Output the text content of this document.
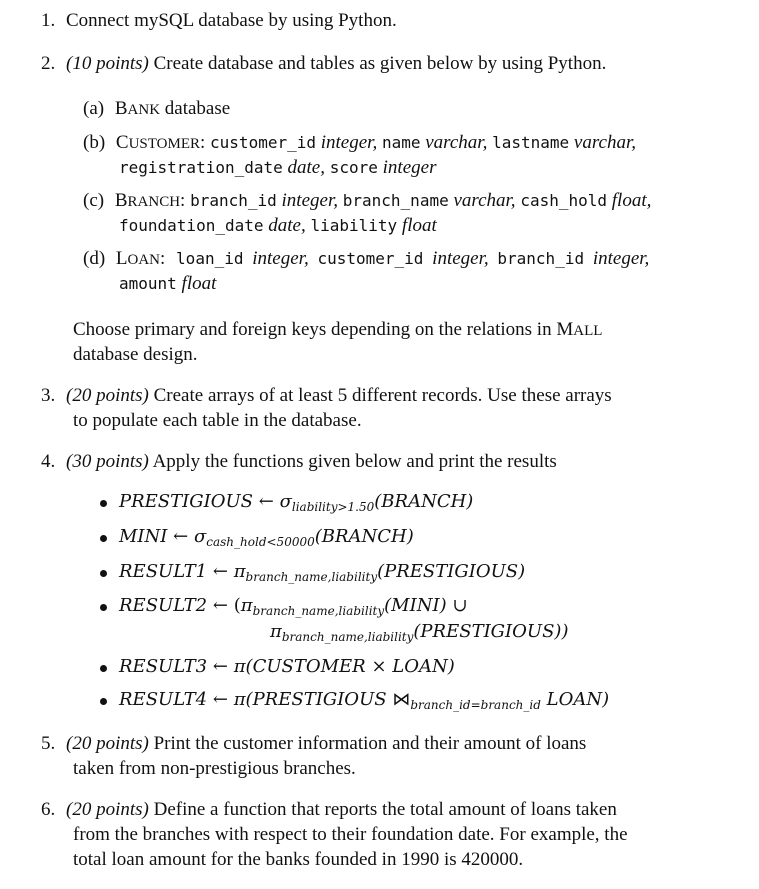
1. Connect mySQL database by using Python.
2. (10 points) Create database and tables as given below by using Python.
(a) BANK database
(b) CUSTOMER: customer_id integer, name varchar, lastname varchar,
registration_date date, score integer
(c) BRANCH: branch_id integer, branch_name varchar, cash_hold float,
foundation_date date, liability float
(d) LOAN: loan_id integer, customer_id integer, branch_id integer,
amount float
Choose primary and foreign keys depending on the relations in MALL
database design.
3. (20 points) Create arrays of at least 5 different records. Use these arrays
to populate each table in the database.
4. (30 points) Apply the functions given below and print the results
PRESTIGIOUS ← $\sigma_{liability>1.50}(BRANCH)$
MINI ← $\sigma_{cash\_hold<50000}(BRANCH)$
RESULT1 ← $\pi_{branch\_name,liability}(PRESTIGIOUS)$
RESULT2 ← ($\pi_{branch\_name,liability}(MINI)$ ∪
$\pi_{branch\_name,liability}(PRESTIGIOUS)$)
RESULT3 ← π(CUSTOMER × LOAN)
RESULT4 ← π(PRESTIGIOUS $⋈_{branch\_id=branch\_id}$ LOAN)
5. (20 points) Print the customer information and their amount of loans
taken from non-prestigious branches.
6. (20 points) Define a function that reports the total amount of loans taken
from the branches with respect to their foundation date. For example, the
total loan amount for the banks founded in 1990 is 420000.
